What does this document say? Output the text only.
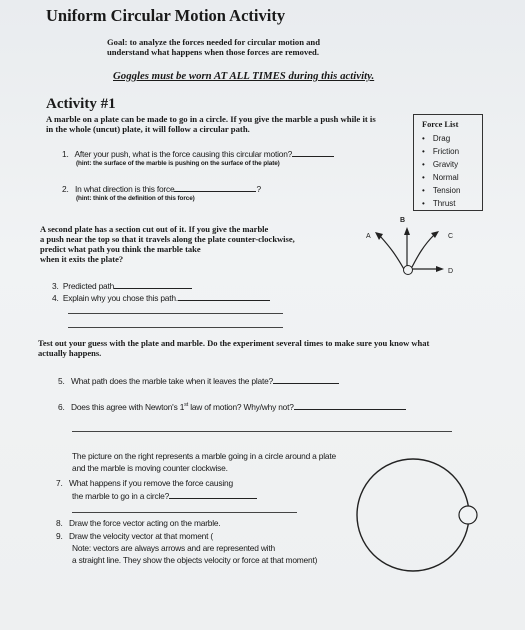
Uniform Circular Motion Activity
Goal: to analyze the forces needed for circular motion and
understand what happens when those forces are removed.
Goggles must be worn AT ALL TIMES during this activity.
Activity #1
A marble on a plate can be made to go in a circle. If you give the marble a push while it is
in the whole (uncut) plate, it will follow a circular path.
1. After your push, what is the force causing this circular motion?
(hint: the surface of the marble is pushing on the surface of the plate)
2. In what direction is this force	?
(hint: think of the definition of this force)
Force List
• Drag
• Friction
• Gravity
• Normal
• Tension
• Thrust
A second plate has a section cut out of it. If you give the marble
a push near the top so that it travels along the plate counter-clockwise,
predict what path you think the marble take
when it exits the plate?
B
A	C
D
3. Predicted path
4. Explain why you chose this path.
Test out your guess with the plate and marble. Do the experiment several times to make sure you know what
actually happens.
5. What path does the marble take when it leaves the plate?
6. Does this agree with Newton's 1st law of motion? Why/why not?
The picture on the right represents a marble going in a circle around a plate
and the marble is moving counter clockwise.
7. What happens if you remove the force causing
the marble to go in a circle?
8. Draw the force vector acting on the marble.
9. Draw the velocity vector at that moment (
Note: vectors are always arrows and are represented with
a straight line. They show the objects velocity or force at that moment)
